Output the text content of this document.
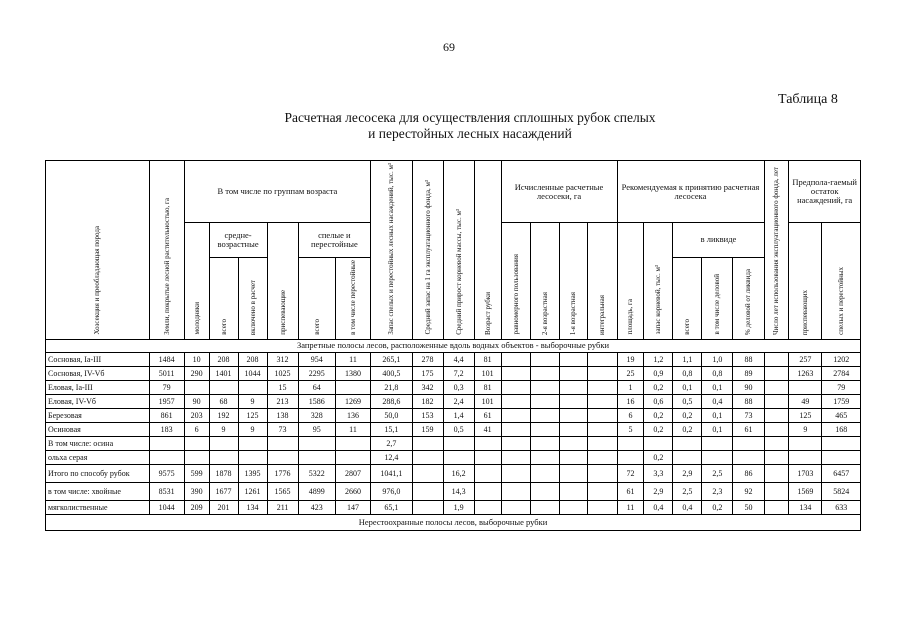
69
Таблица 8
Расчетная лесосека для осуществления сплошных рубок спелых
и перестойных лесных насаждений
Хозсекция и преобладающая порода	Земли, покрытые лесной растительностью, га	В том числе по группам возраста						Запас спелых и перестойных лесных насаждений, тыс. м³	Средний запас на 1 га эксплуатационного фонда, м³	Средний прирост корневой массы, тыс. м³	Возраст рубки	Исчисленные расчетные лесосеки, га				Рекомендуемая к принятию расчетная лесосека					Число лет использования эксплуатационного фонда, лет	Предпола-гаемый остаток насаждений, га	
		молодняки	средне-возрастные		приспевающие	спелые и перестойные						равномерного пользования	2-я возрастная	1-я возрастная	интегральная	площадь, га	запас корневой, тыс. м³	в ликвиде				приспевающих	спелых и перестойных
			всего	включено в расчет		всего	в том числе перестойные											всего	в том числе деловой	% деловой от ликвида			
Запретные полосы лесов, расположенные вдоль водных объектов - выборочные рубки																							
Сосновая, Iа-III	1484	10	208	208	312	954	11	265,1	278	4,4	81					19	1,2	1,1	1,0	88		257	1202
Сосновая, IV-Vб	5011	290	1401	1044	1025	2295	1380	400,5	175	7,2	101					25	0,9	0,8	0,8	89		1263	2784
Еловая, Iа-III	79				15	64		21,8	342	0,3	81					1	0,2	0,1	0,1	90			79
Еловая, IV-Vб	1957	90	68	9	213	1586	1269	288,6	182	2,4	101					16	0,6	0,5	0,4	88		49	1759
Березовая	861	203	192	125	138	328	136	50,0	153	1,4	61					6	0,2	0,2	0,1	73		125	465
Осиновая	183	6	9	9	73	95	11	15,1	159	0,5	41					5	0,2	0,2	0,1	61		9	168
В том числе: осина								2,7															
ольха серая								12,4									0,2						
Итого по способу рубок	9575	599	1878	1395	1776	5322	2807	1041,1		16,2						72	3,3	2,9	2,5	86		1703	6457
в том числе: хвойные	8531	390	1677	1261	1565	4899	2660	976,0		14,3						61	2,9	2,5	2,3	92		1569	5824
мягколиственные	1044	209	201	134	211	423	147	65,1		1,9						11	0,4	0,4	0,2	50		134	633
Нерестоохранные полосы лесов, выборочные рубки																							
